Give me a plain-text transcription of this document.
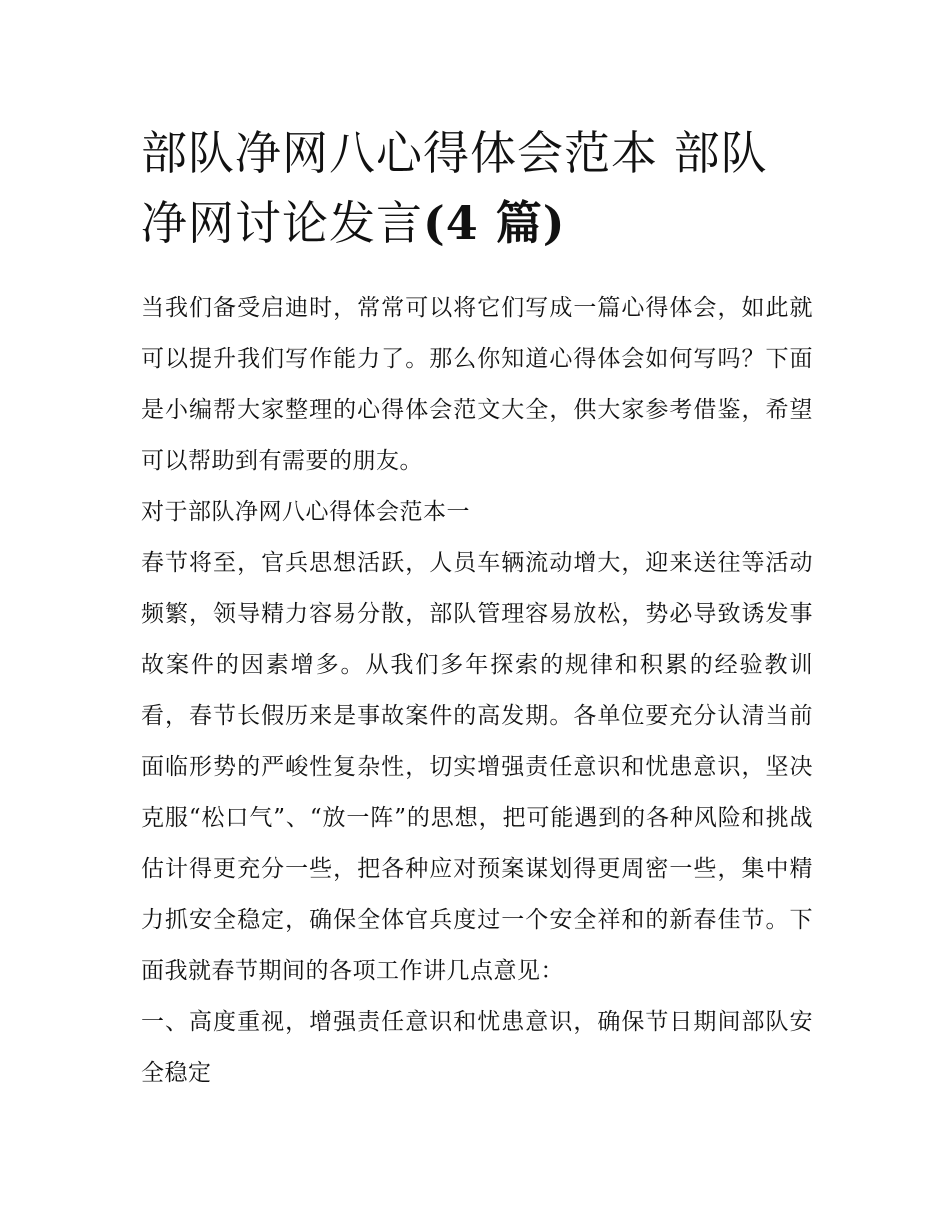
部队净网八心得体会范本 部队净网讨论发言(4 篇)

当我们备受启迪时，常常可以将它们写成一篇心得体会，如此就可以提升我们写作能力了。那么你知道心得体会如何写吗？下面是小编帮大家整理的心得体会范文大全，供大家参考借鉴，希望可以帮助到有需要的朋友。

对于部队净网八心得体会范本一

春节将至，官兵思想活跃，人员车辆流动增大，迎来送往等活动频繁，领导精力容易分散，部队管理容易放松，势必导致诱发事故案件的因素增多。从我们多年探索的规律和积累的经验教训看，春节长假历来是事故案件的高发期。各单位要充分认清当前面临形势的严峻性复杂性，切实增强责任意识和忧患意识，坚决克服“松口气”、“放一阵”的思想，把可能遇到的各种风险和挑战估计得更充分一些，把各种应对预案谋划得更周密一些，集中精力抓安全稳定，确保全体官兵度过一个安全祥和的新春佳节。下面我就春节期间的各项工作讲几点意见：

一、高度重视，增强责任意识和忧患意识，确保节日期间部队安全稳定
